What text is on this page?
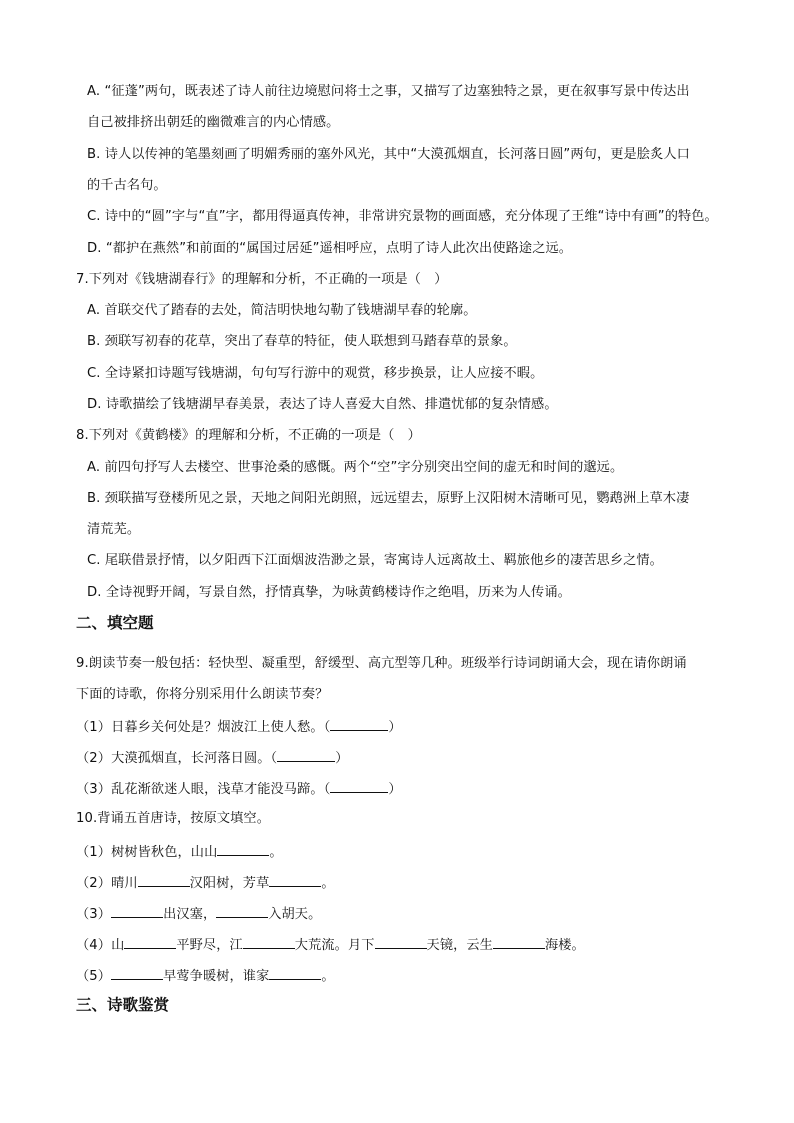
A. “征蓬”两句，既表述了诗人前往边境慰问将士之事，又描写了边塞独特之景，更在叙事写景中传达出
自己被排挤出朝廷的幽微难言的内心情感。
B. 诗人以传神的笔墨刻画了明媚秀丽的塞外风光，其中“大漠孤烟直，长河落日圆”两句，更是脍炙人口
的千古名句。
C. 诗中的“圆”字与“直”字，都用得逼真传神，非常讲究景物的画面感，充分体现了王维“诗中有画”的特色。
D. “都护在燕然”和前面的“属国过居延”遥相呼应，点明了诗人此次出使路途之远。
7.下列对《钱塘湖春行》的理解和分析，不正确的一项是（　）
A. 首联交代了踏春的去处，简洁明快地勾勒了钱塘湖早春的轮廓。
B. 颈联写初春的花草，突出了春草的特征，使人联想到马踏春草的景象。
C. 全诗紧扣诗题写钱塘湖，句句写行游中的观赏，移步换景，让人应接不暇。
D. 诗歌描绘了钱塘湖早春美景，表达了诗人喜爱大自然、排遣忧郁的复杂情感。
8.下列对《黄鹤楼》的理解和分析，不正确的一项是（　）
A. 前四句抒写人去楼空、世事沧桑的感慨。两个“空”字分别突出空间的虚无和时间的邈远。
B. 颈联描写登楼所见之景，天地之间阳光朗照，远远望去，原野上汉阳树木清晰可见，鹦鹉洲上草木凄
清荒芜。
C. 尾联借景抒情，以夕阳西下江面烟波浩渺之景，寄寓诗人远离故土、羁旅他乡的凄苦思乡之情。
D. 全诗视野开阔，写景自然，抒情真挚，为咏黄鹤楼诗作之绝唱，历来为人传诵。
二、填空题
9.朗读节奏一般包括：轻快型、凝重型，舒缓型、高亢型等几种。班级举行诗词朗诵大会，现在请你朗诵
下面的诗歌，你将分别采用什么朗读节奏？
（1）日暮乡关何处是？烟波江上使人愁。（	）
（2）大漠孤烟直，长河落日圆。（	）
（3）乱花渐欲迷人眼，浅草才能没马蹄。（	）
10.背诵五首唐诗，按原文填空。
（1）树树皆秋色，山山	。
（2）晴川	汉阳树，芳草	。
（3）	出汉塞，	入胡天。
（4）山	平野尽，江	大荒流。月下	天镜，云生	海楼。
（5）	早莺争暖树，谁家	。
三、诗歌鉴赏
